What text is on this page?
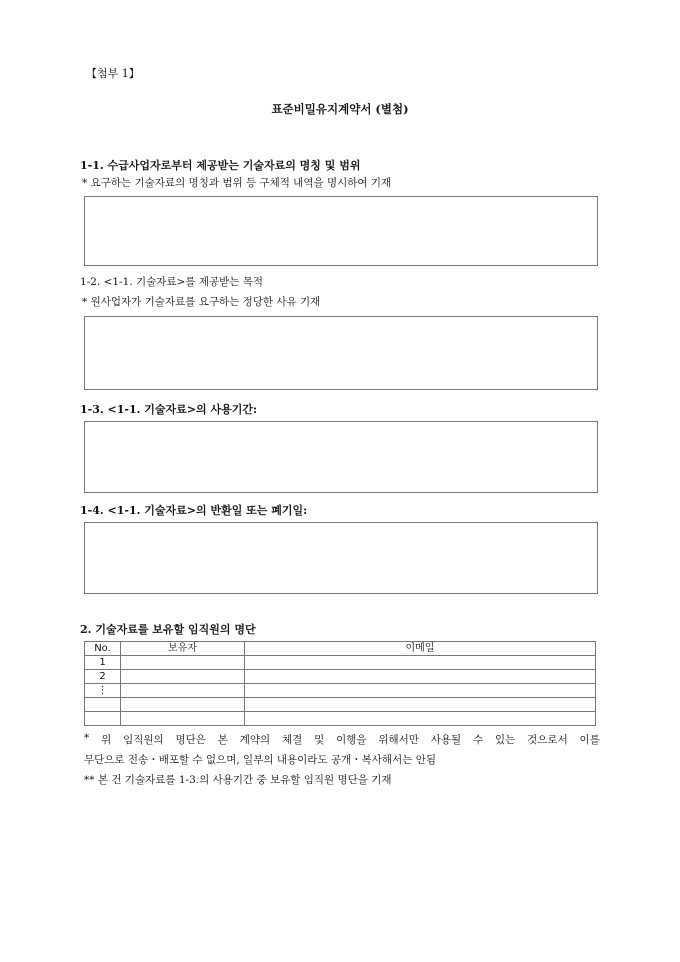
【첨부 1】
표준비밀유지계약서 (별첨)
1-1. 수급사업자로부터 제공받는 기술자료의 명칭 및 범위
* 요구하는 기술자료의 명칭과 범위 등 구체적 내역을 명시하여 기재
1-2. <1-1. 기술자료>를 제공받는 목적
* 원사업자가 기술자료를 요구하는 정당한 사유 기재
1-3. <1-1. 기술자료>의 사용기간:
1-4. <1-1. 기술자료>의 반환일 또는 폐기일:
2. 기술자료를 보유할 임직원의 명단
No.	보유자	이메일
1		
2		
⋮		

* 위 임직원의 명단은 본 계약의 체결 및 이행을 위해서만 사용될 수 있는 것으로서 이를
무단으로 전송・배포할 수 없으며, 일부의 내용이라도 공개・복사해서는 안됨
** 본 건 기술자료를 1-3.의 사용기간 중 보유할 임직원 명단을 기재
